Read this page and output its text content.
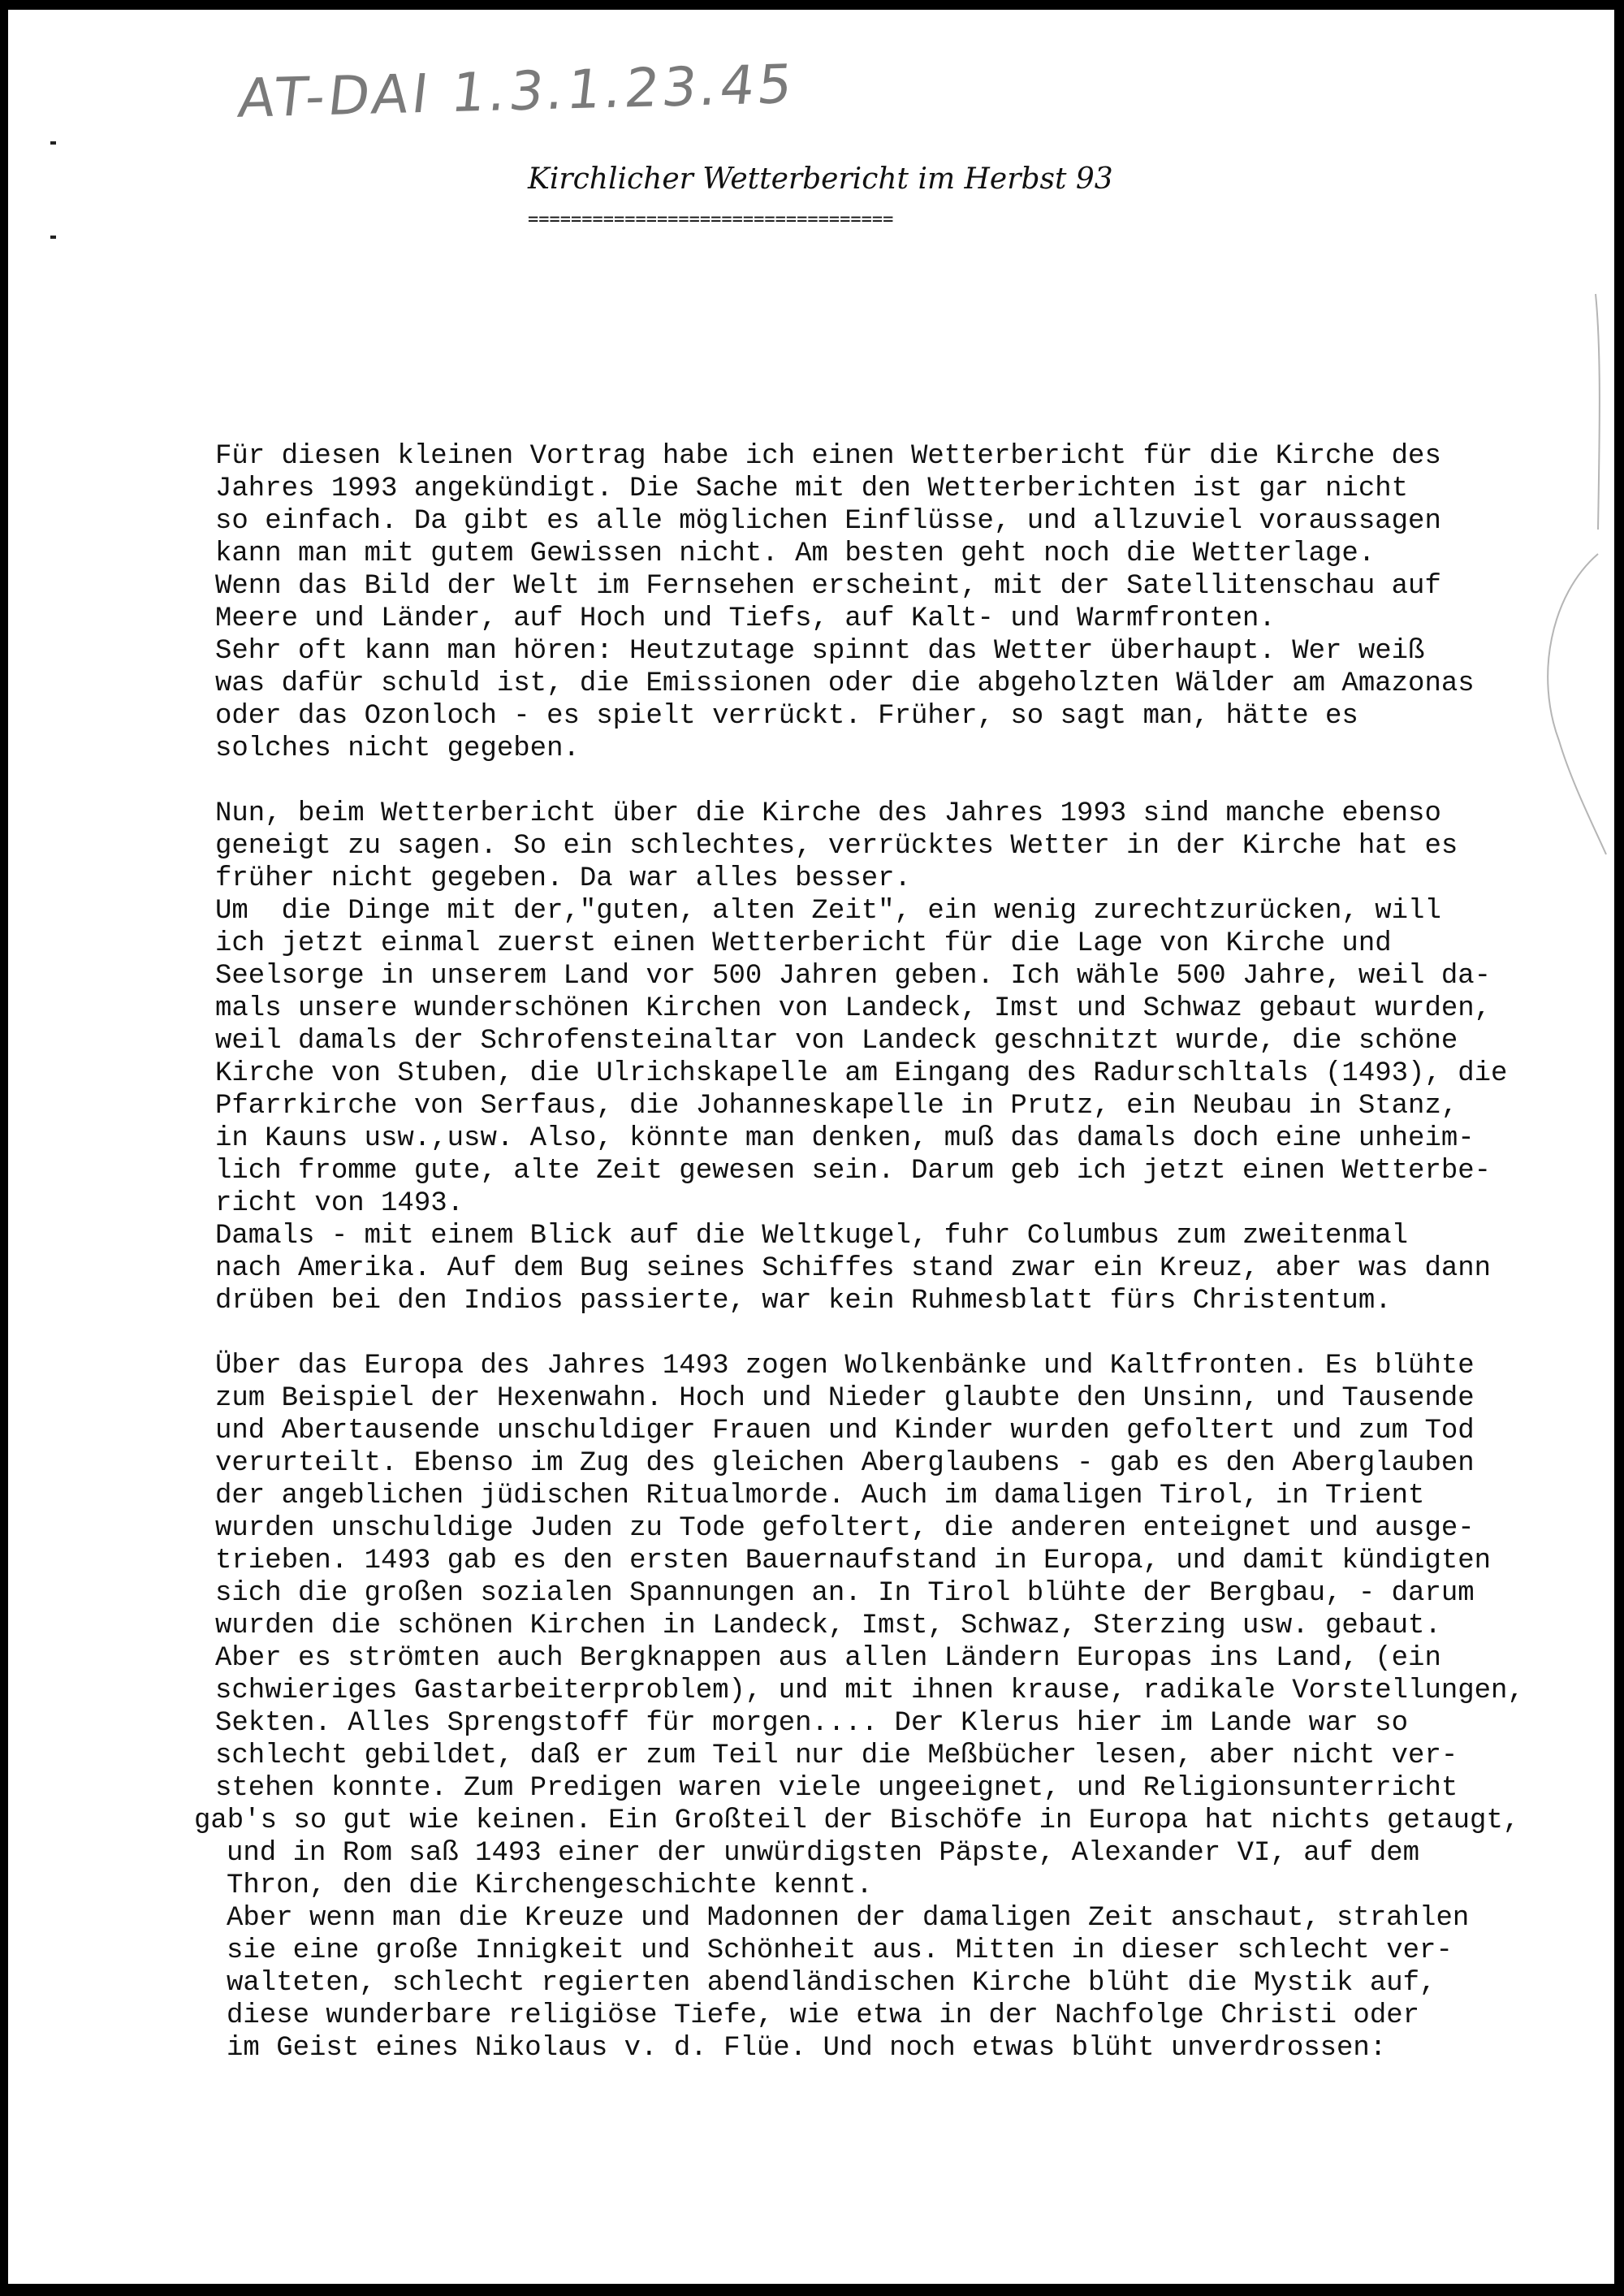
AT-DAI 1.3.1.23.45
Kirchlicher Wetterbericht im Herbst 93
==================================
Für diesen kleinen Vortrag habe ich einen Wetterbericht für die Kirche des
Jahres 1993 angekündigt. Die Sache mit den Wetterberichten ist gar nicht
so einfach. Da gibt es alle möglichen Einflüsse, und allzuviel voraussagen
kann man mit gutem Gewissen nicht. Am besten geht noch die Wetterlage.
Wenn das Bild der Welt im Fernsehen erscheint, mit der Satellitenschau auf
Meere und Länder, auf Hoch und Tiefs, auf Kalt- und Warmfronten.
Sehr oft kann man hören: Heutzutage spinnt das Wetter überhaupt. Wer weiß
was dafür schuld ist, die Emissionen oder die abgeholzten Wälder am Amazonas
oder das Ozonloch - es spielt verrückt. Früher, so sagt man, hätte es
solches nicht gegeben.
Nun, beim Wetterbericht über die Kirche des Jahres 1993 sind manche ebenso
geneigt zu sagen. So ein schlechtes, verrücktes Wetter in der Kirche hat es
früher nicht gegeben. Da war alles besser.
Um  die Dinge mit der,"guten, alten Zeit", ein wenig zurechtzurücken, will
ich jetzt einmal zuerst einen Wetterbericht für die Lage von Kirche und
Seelsorge in unserem Land vor 500 Jahren geben. Ich wähle 500 Jahre, weil da-
mals unsere wunderschönen Kirchen von Landeck, Imst und Schwaz gebaut wurden,
weil damals der Schrofensteinaltar von Landeck geschnitzt wurde, die schöne
Kirche von Stuben, die Ulrichskapelle am Eingang des Radurschltals (1493), die
Pfarrkirche von Serfaus, die Johanneskapelle in Prutz, ein Neubau in Stanz,
in Kauns usw.,usw. Also, könnte man denken, muß das damals doch eine unheim-
lich fromme gute, alte Zeit gewesen sein. Darum geb ich jetzt einen Wetterbe-
richt von 1493.
Damals - mit einem Blick auf die Weltkugel, fuhr Columbus zum zweitenmal
nach Amerika. Auf dem Bug seines Schiffes stand zwar ein Kreuz, aber was dann
drüben bei den Indios passierte, war kein Ruhmesblatt fürs Christentum.
Über das Europa des Jahres 1493 zogen Wolkenbänke und Kaltfronten. Es blühte
zum Beispiel der Hexenwahn. Hoch und Nieder glaubte den Unsinn, und Tausende
und Abertausende unschuldiger Frauen und Kinder wurden gefoltert und zum Tod
verurteilt. Ebenso im Zug des gleichen Aberglaubens - gab es den Aberglauben
der angeblichen jüdischen Ritualmorde. Auch im damaligen Tirol, in Trient
wurden unschuldige Juden zu Tode gefoltert, die anderen enteignet und ausge-
trieben. 1493 gab es den ersten Bauernaufstand in Europa, und damit kündigten
sich die großen sozialen Spannungen an. In Tirol blühte der Bergbau, - darum
wurden die schönen Kirchen in Landeck, Imst, Schwaz, Sterzing usw. gebaut.
Aber es strömten auch Bergknappen aus allen Ländern Europas ins Land, (ein
schwieriges Gastarbeiterproblem), und mit ihnen krause, radikale Vorstellungen,
Sekten. Alles Sprengstoff für morgen.... Der Klerus hier im Lande war so
schlecht gebildet, daß er zum Teil nur die Meßbücher lesen, aber nicht ver-
stehen konnte. Zum Predigen waren viele ungeeignet, und Religionsunterricht
gab's so gut wie keinen. Ein Großteil der Bischöfe in Europa hat nichts getaugt,
und in Rom saß 1493 einer der unwürdigsten Päpste, Alexander VI, auf dem
Thron, den die Kirchengeschichte kennt.
Aber wenn man die Kreuze und Madonnen der damaligen Zeit anschaut, strahlen
sie eine große Innigkeit und Schönheit aus. Mitten in dieser schlecht ver-
walteten, schlecht regierten abendländischen Kirche blüht die Mystik auf,
diese wunderbare religiöse Tiefe, wie etwa in der Nachfolge Christi oder
im Geist eines Nikolaus v. d. Flüe. Und noch etwas blüht unverdrossen:
